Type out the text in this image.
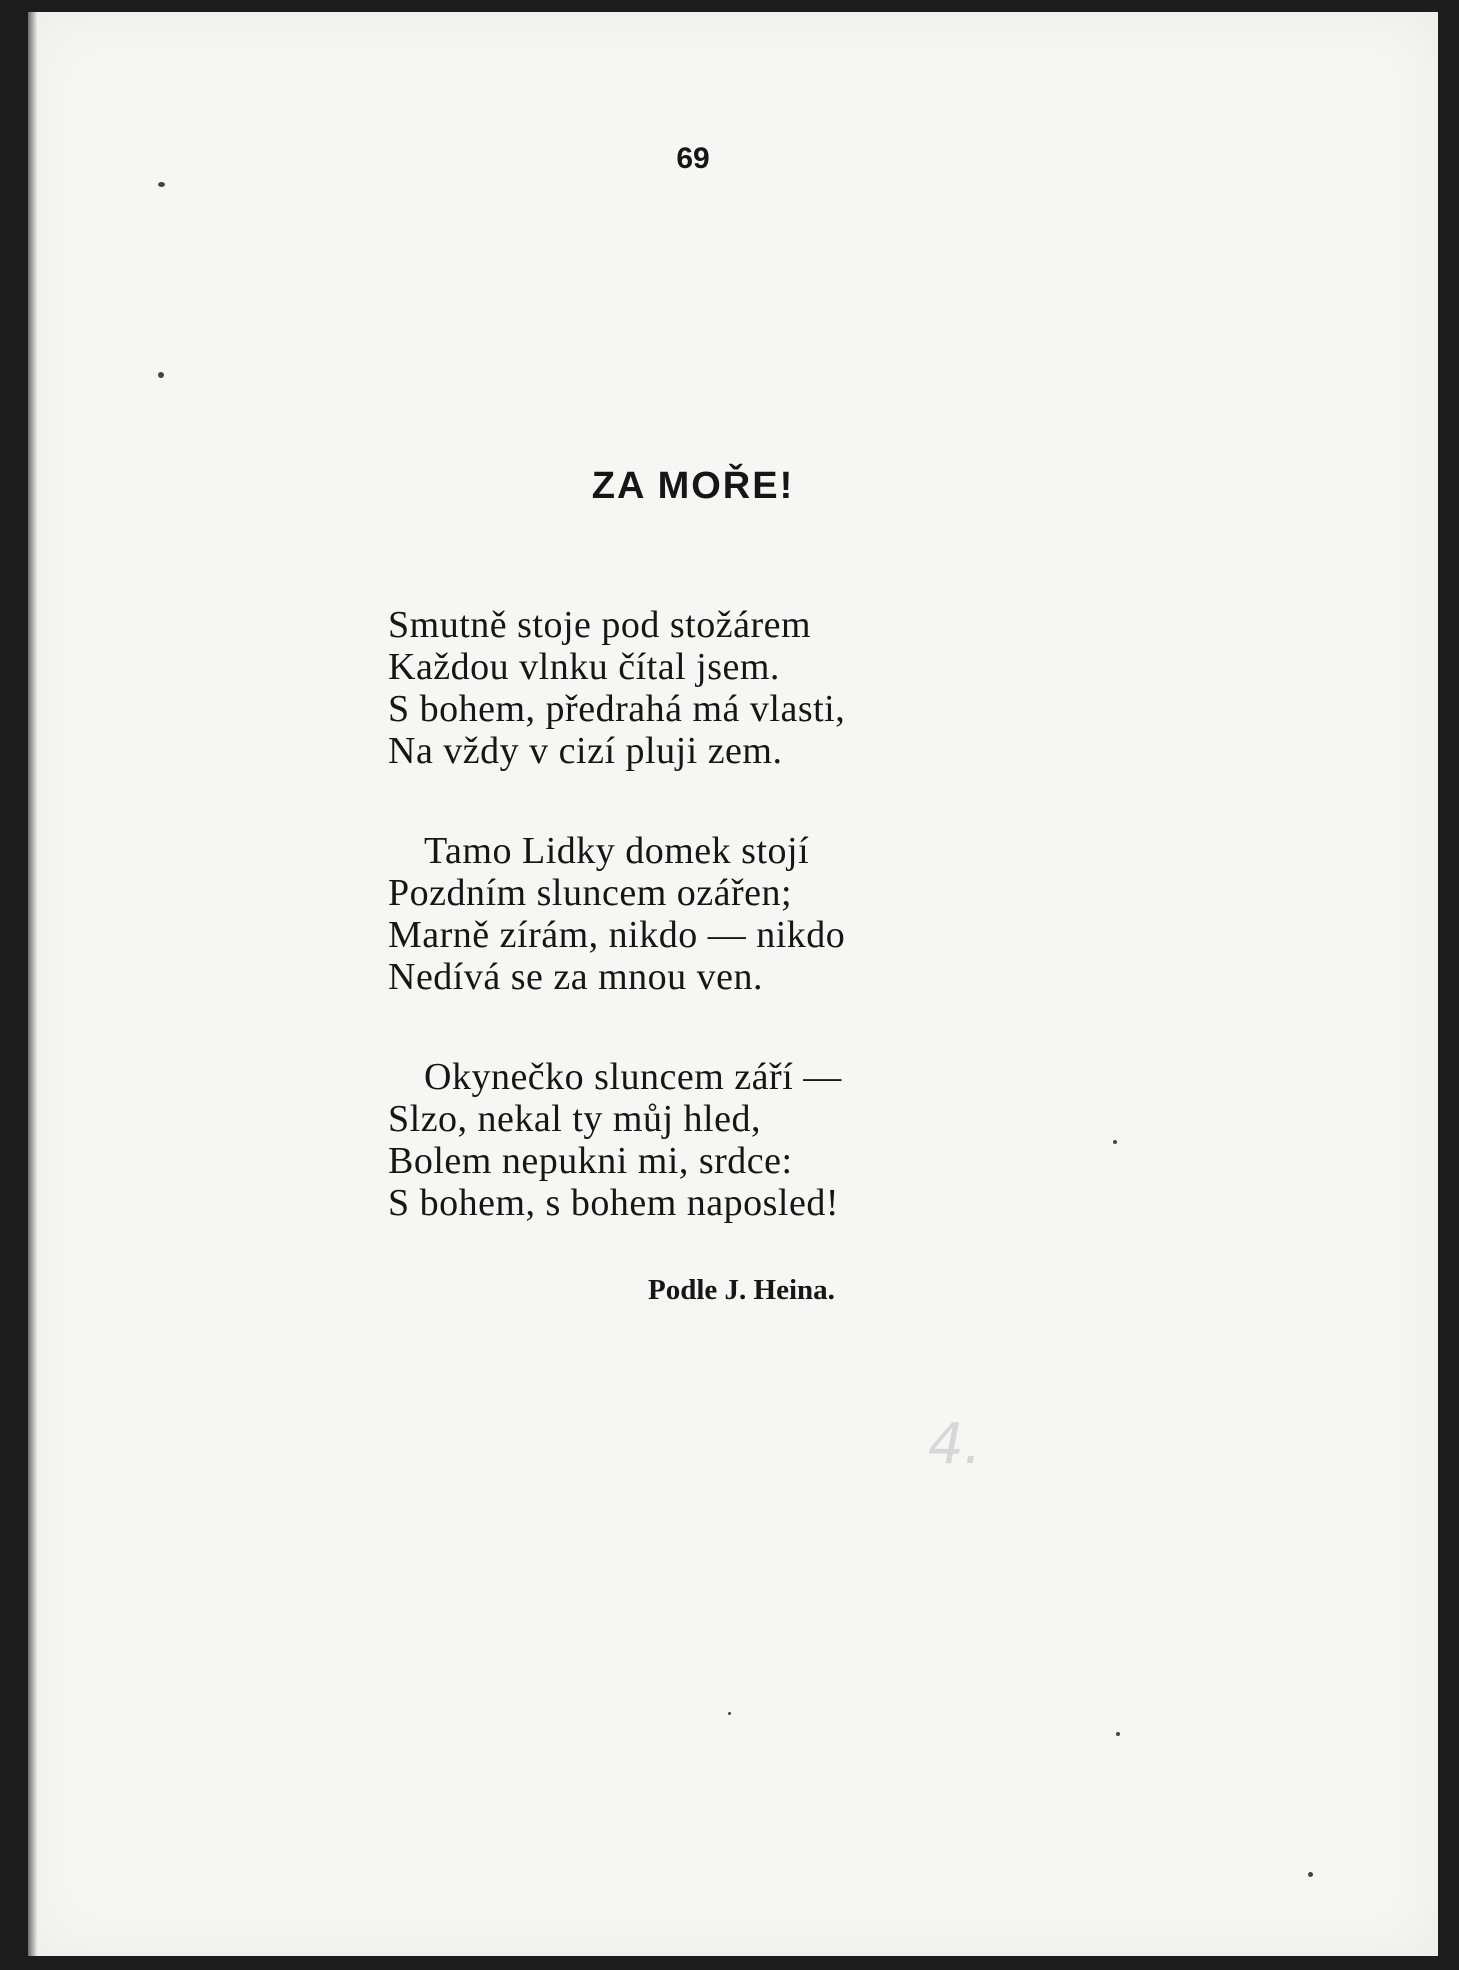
69
ZA MOŘE!
Smutně stoje pod stožárem
Každou vlnku čítal jsem.
S bohem, předrahá má vlasti,
Na vždy v cizí pluji zem.
Tamo Lidky domek stojí
Pozdním sluncem ozářen;
Marně zírám, nikdo — nikdo
Nedívá se za mnou ven.
Okynečko sluncem září —
Slzo, nekal ty můj hled,
Bolem nepukni mi, srdce:
S bohem, s bohem naposled!
Podle J. Heina.
4.
